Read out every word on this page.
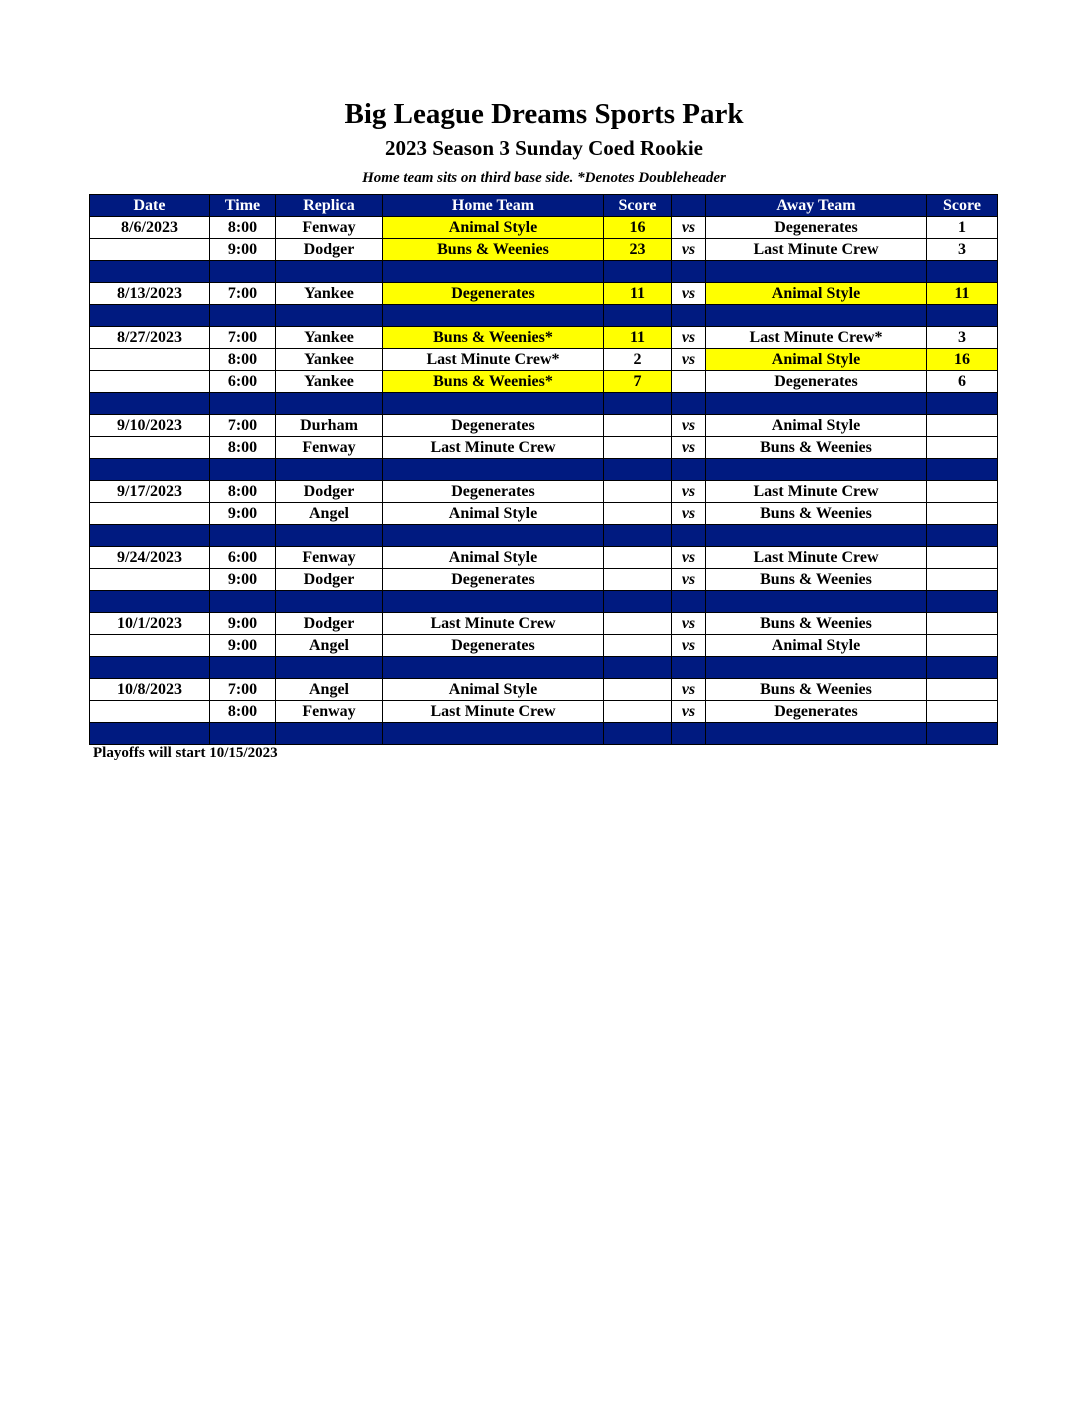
Big League Dreams Sports Park
2023 Season 3 Sunday Coed Rookie
Home team sits on third base side. *Denotes Doubleheader
Date	Time	Replica	Home Team	Score		Away Team	Score
8/6/2023	8:00	Fenway	Animal Style	16	vs	Degenerates	1
	9:00	Dodger	Buns & Weenies	23	vs	Last Minute Crew	3

8/13/2023	7:00	Yankee	Degenerates	11	vs	Animal Style	11

8/27/2023	7:00	Yankee	Buns & Weenies*	11	vs	Last Minute Crew*	3
	8:00	Yankee	Last Minute Crew*	2	vs	Animal Style	16
	6:00	Yankee	Buns & Weenies*	7		Degenerates	6

9/10/2023	7:00	Durham	Degenerates		vs	Animal Style	
	8:00	Fenway	Last Minute Crew		vs	Buns & Weenies	

9/17/2023	8:00	Dodger	Degenerates		vs	Last Minute Crew	
	9:00	Angel	Animal Style		vs	Buns & Weenies	

9/24/2023	6:00	Fenway	Animal Style		vs	Last Minute Crew	
	9:00	Dodger	Degenerates		vs	Buns & Weenies	

10/1/2023	9:00	Dodger	Last Minute Crew		vs	Buns & Weenies	
	9:00	Angel	Degenerates		vs	Animal Style	

10/8/2023	7:00	Angel	Animal Style		vs	Buns & Weenies	
	8:00	Fenway	Last Minute Crew		vs	Degenerates	

Playoffs will start 10/15/2023
